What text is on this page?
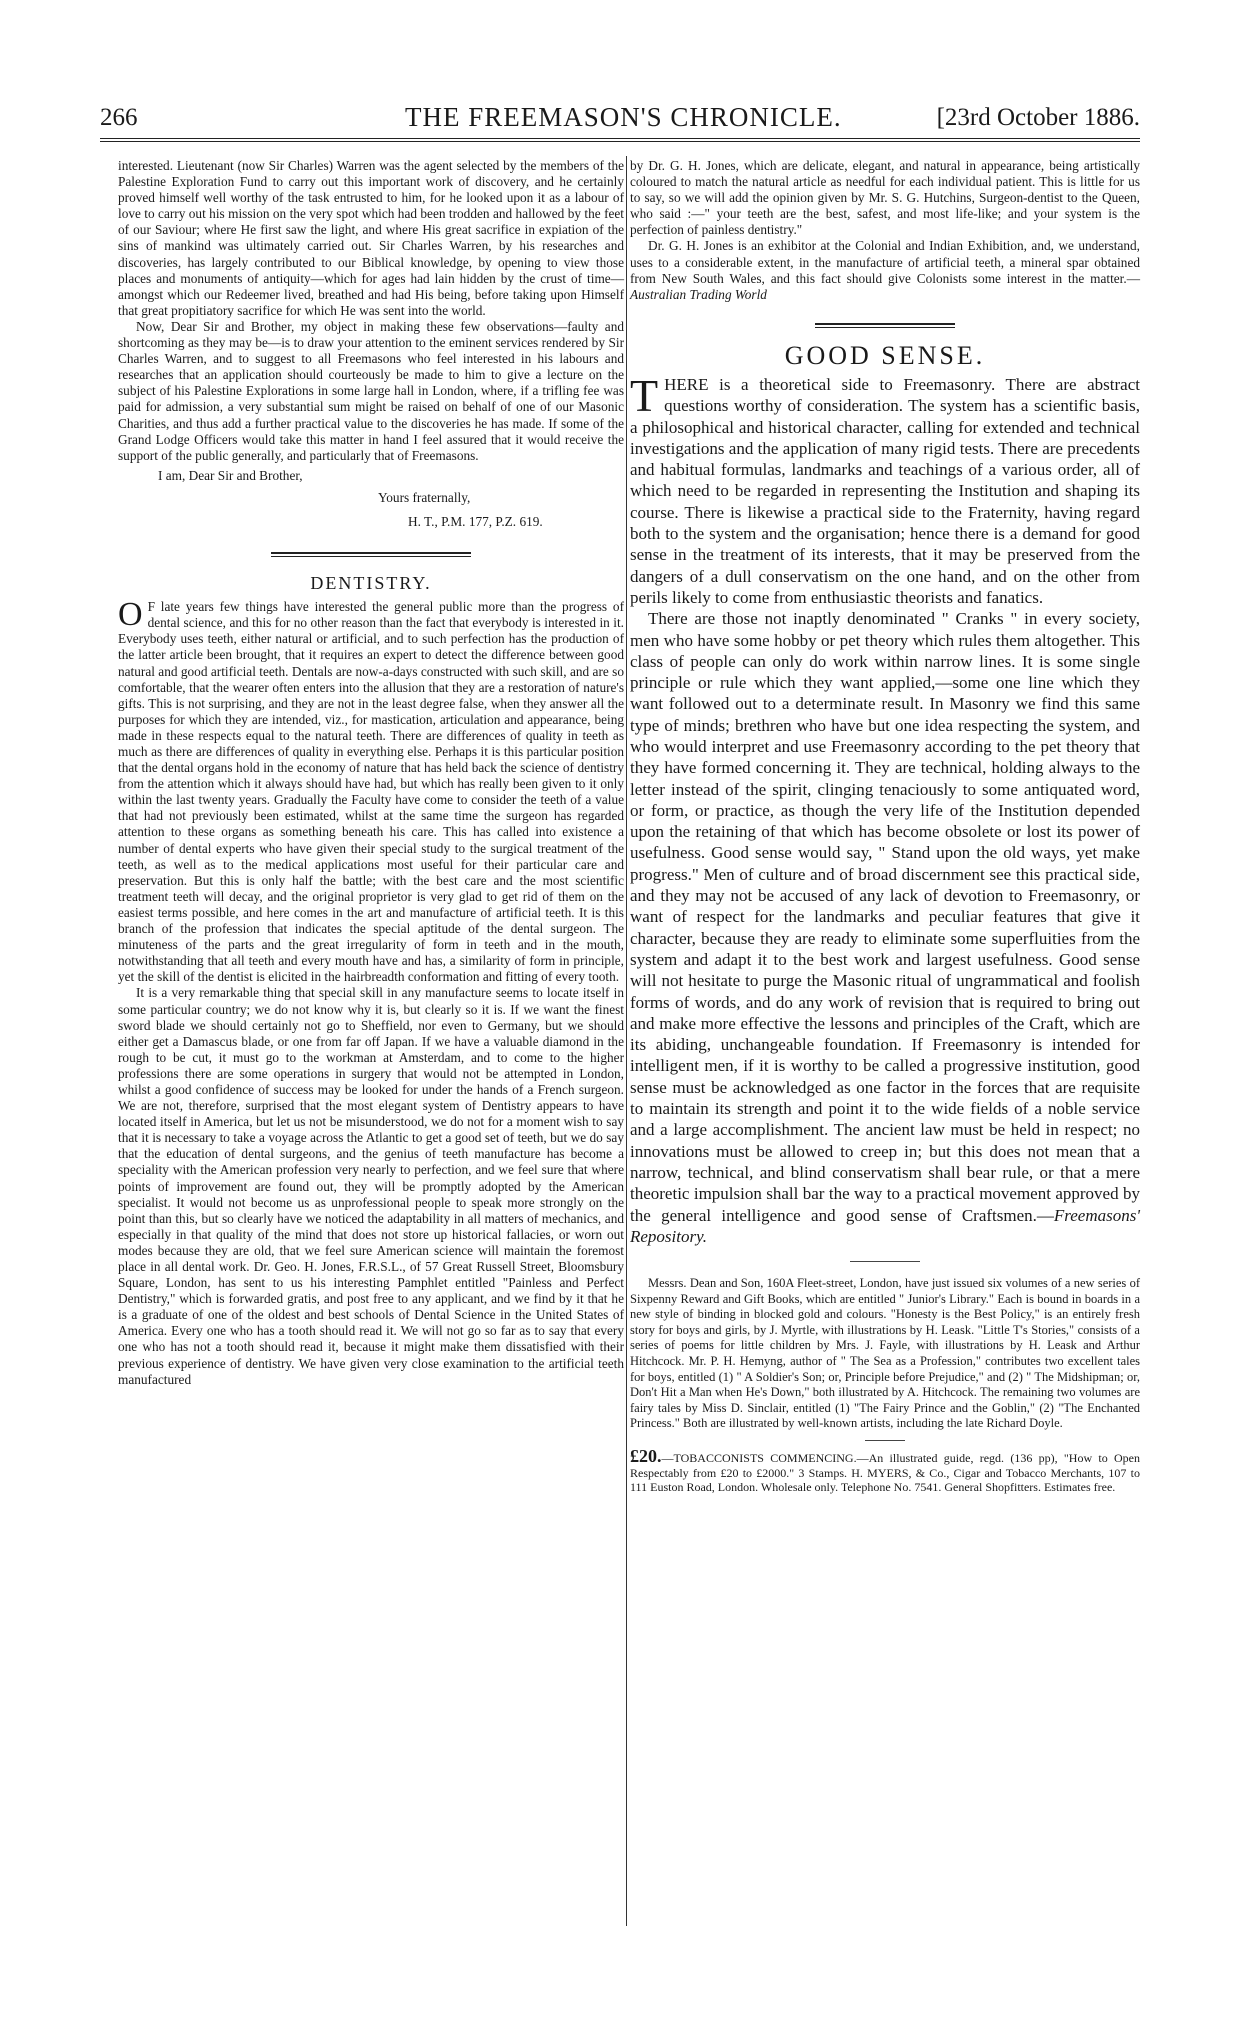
266	THE FREEMASON'S CHRONICLE.	[23rd October 1886.

interested. Lieutenant (now Sir Charles) Warren was the agent selected by the members of the Palestine Exploration Fund to carry out this important work of discovery, and he certainly proved himself well worthy of the task entrusted to him, for he looked upon it as a labour of love to carry out his mission on the very spot which had been trodden and hallowed by the feet of our Saviour; where He first saw the light, and where His great sacrifice in expiation of the sins of mankind was ultimately carried out. Sir Charles Warren, by his researches and discoveries, has largely contributed to our Biblical knowledge, by opening to view those places and monuments of antiquity—which for ages had lain hidden by the crust of time—amongst which our Redeemer lived, breathed and had His being, before taking upon Himself that great propitiatory sacrifice for which He was sent into the world.

Now, Dear Sir and Brother, my object in making these few observations—faulty and shortcoming as they may be—is to draw your attention to the eminent services rendered by Sir Charles Warren, and to suggest to all Freemasons who feel interested in his labours and researches that an application should courteously be made to him to give a lecture on the subject of his Palestine Explorations in some large hall in London, where, if a trifling fee was paid for admission, a very substantial sum might be raised on behalf of one of our Masonic Charities, and thus add a further practical value to the discoveries he has made. If some of the Grand Lodge Officers would take this matter in hand I feel assured that it would receive the support of the public generally, and particularly that of Freemasons.

I am, Dear Sir and Brother,

Yours fraternally,

H. T., P.M. 177, P.Z. 619.

DENTISTRY.

O F late years few things have interested the general public more than the progress of dental science, and this for no other reason than the fact that everybody is interested in it. Everybody uses teeth, either natural or artificial, and to such perfection has the production of the latter article been brought, that it requires an expert to detect the difference between good natural and good artificial teeth. Dentals are now-a-days constructed with such skill, and are so comfortable, that the wearer often enters into the allusion that they are a restoration of nature's gifts. This is not surprising, and they are not in the least degree false, when they answer all the purposes for which they are intended, viz., for mastication, articulation and appearance, being made in these respects equal to the natural teeth. There are differences of quality in teeth as much as there are differences of quality in everything else. Perhaps it is this particular position that the dental organs hold in the economy of nature that has held back the science of dentistry from the attention which it always should have had, but which has really been given to it only within the last twenty years. Gradually the Faculty have come to consider the teeth of a value that had not previously been estimated, whilst at the same time the surgeon has regarded attention to these organs as something beneath his care. This has called into existence a number of dental experts who have given their special study to the surgical treatment of the teeth, as well as to the medical applications most useful for their particular care and preservation. But this is only half the battle; with the best care and the most scientific treatment teeth will decay, and the original proprietor is very glad to get rid of them on the easiest terms possible, and here comes in the art and manufacture of artificial teeth. It is this branch of the profession that indicates the special aptitude of the dental surgeon. The minuteness of the parts and the great irregularity of form in teeth and in the mouth, notwithstanding that all teeth and every mouth have and has, a similarity of form in principle, yet the skill of the dentist is elicited in the hairbreadth conformation and fitting of every tooth.

It is a very remarkable thing that special skill in any manufacture seems to locate itself in some particular country; we do not know why it is, but clearly so it is. If we want the finest sword blade we should certainly not go to Sheffield, nor even to Germany, but we should either get a Damascus blade, or one from far off Japan. If we have a valuable diamond in the rough to be cut, it must go to the workman at Amsterdam, and to come to the higher professions there are some operations in surgery that would not be attempted in London, whilst a good confidence of success may be looked for under the hands of a French surgeon. We are not, therefore, surprised that the most elegant system of Dentistry appears to have located itself in America, but let us not be misunderstood, we do not for a moment wish to say that it is necessary to take a voyage across the Atlantic to get a good set of teeth, but we do say that the education of dental surgeons, and the genius of teeth manufacture has become a speciality with the American profession very nearly to perfection, and we feel sure that where points of improvement are found out, they will be promptly adopted by the American specialist. It would not become us as unprofessional people to speak more strongly on the point than this, but so clearly have we noticed the adaptability in all matters of mechanics, and especially in that quality of the mind that does not store up historical fallacies, or worn out modes because they are old, that we feel sure American science will maintain the foremost place in all dental work. Dr. Geo. H. Jones, F.R.S.L., of 57 Great Russell Street, Bloomsbury Square, London, has sent to us his interesting Pamphlet entitled "Painless and Perfect Dentistry," which is forwarded gratis, and post free to any applicant, and we find by it that he is a graduate of one of the oldest and best schools of Dental Science in the United States of America. Every one who has a tooth should read it. We will not go so far as to say that every one who has not a tooth should read it, because it might make them dissatisfied with their previous experience of dentistry. We have given very close examination to the artificial teeth manufactured

by Dr. G. H. Jones, which are delicate, elegant, and natural in appearance, being artistically coloured to match the natural article as needful for each individual patient. This is little for us to say, so we will add the opinion given by Mr. S. G. Hutchins, Surgeon-dentist to the Queen, who said :—" your teeth are the best, safest, and most life-like; and your system is the perfection of painless dentistry."

Dr. G. H. Jones is an exhibitor at the Colonial and Indian Exhibition, and, we understand, uses to a considerable extent, in the manufacture of artificial teeth, a mineral spar obtained from New South Wales, and this fact should give Colonists some interest in the matter.—Australian Trading World

GOOD SENSE.

THERE is a theoretical side to Freemasonry. There are abstract questions worthy of consideration. The system has a scientific basis, a philosophical and historical character, calling for extended and technical investigations and the application of many rigid tests. There are precedents and habitual formulas, landmarks and teachings of a various order, all of which need to be regarded in representing the Institution and shaping its course. There is likewise a practical side to the Fraternity, having regard both to the system and the organisation; hence there is a demand for good sense in the treatment of its interests, that it may be preserved from the dangers of a dull conservatism on the one hand, and on the other from perils likely to come from enthusiastic theorists and fanatics.

There are those not inaptly denominated " Cranks " in every society, men who have some hobby or pet theory which rules them altogether. This class of people can only do work within narrow lines. It is some single principle or rule which they want applied,—some one line which they want followed out to a determinate result. In Masonry we find this same type of minds; brethren who have but one idea respecting the system, and who would interpret and use Freemasonry according to the pet theory that they have formed concerning it. They are technical, holding always to the letter instead of the spirit, clinging tenaciously to some antiquated word, or form, or practice, as though the very life of the Institution depended upon the retaining of that which has become obsolete or lost its power of usefulness. Good sense would say, " Stand upon the old ways, yet make progress." Men of culture and of broad discernment see this practical side, and they may not be accused of any lack of devotion to Freemasonry, or want of respect for the landmarks and peculiar features that give it character, because they are ready to eliminate some superfluities from the system and adapt it to the best work and largest usefulness. Good sense will not hesitate to purge the Masonic ritual of ungrammatical and foolish forms of words, and do any work of revision that is required to bring out and make more effective the lessons and principles of the Craft, which are its abiding, unchangeable foundation. If Freemasonry is intended for intelligent men, if it is worthy to be called a progressive institution, good sense must be acknowledged as one factor in the forces that are requisite to maintain its strength and point it to the wide fields of a noble service and a large accomplishment. The ancient law must be held in respect; no innovations must be allowed to creep in; but this does not mean that a narrow, technical, and blind conservatism shall bear rule, or that a mere theoretic impulsion shall bar the way to a practical movement approved by the general intelligence and good sense of Craftsmen.—Freemasons' Repository.

Messrs. Dean and Son, 160A Fleet-street, London, have just issued six volumes of a new series of Sixpenny Reward and Gift Books, which are entitled " Junior's Library." Each is bound in boards in a new style of binding in blocked gold and colours. "Honesty is the Best Policy," is an entirely fresh story for boys and girls, by J. Myrtle, with illustrations by H. Leask. "Little T's Stories," consists of a series of poems for little children by Mrs. J. Fayle, with illustrations by H. Leask and Arthur Hitchcock. Mr. P. H. Hemyng, author of " The Sea as a Profession," contributes two excellent tales for boys, entitled (1) " A Soldier's Son; or, Principle before Prejudice," and (2) " The Midshipman; or, Don't Hit a Man when He's Down," both illustrated by A. Hitchcock. The remaining two volumes are fairy tales by Miss D. Sinclair, entitled (1) "The Fairy Prince and the Goblin," (2) "The Enchanted Princess." Both are illustrated by well-known artists, including the late Richard Doyle.

£20.—TOBACCONISTS COMMENCING.—An illustrated guide, regd. (136 pp), "How to Open Respectably from £20 to £2000." 3 Stamps. H. MYERS, & Co., Cigar and Tobacco Merchants, 107 to 111 Euston Road, London. Wholesale only. Telephone No. 7541. General Shopfitters. Estimates free.
